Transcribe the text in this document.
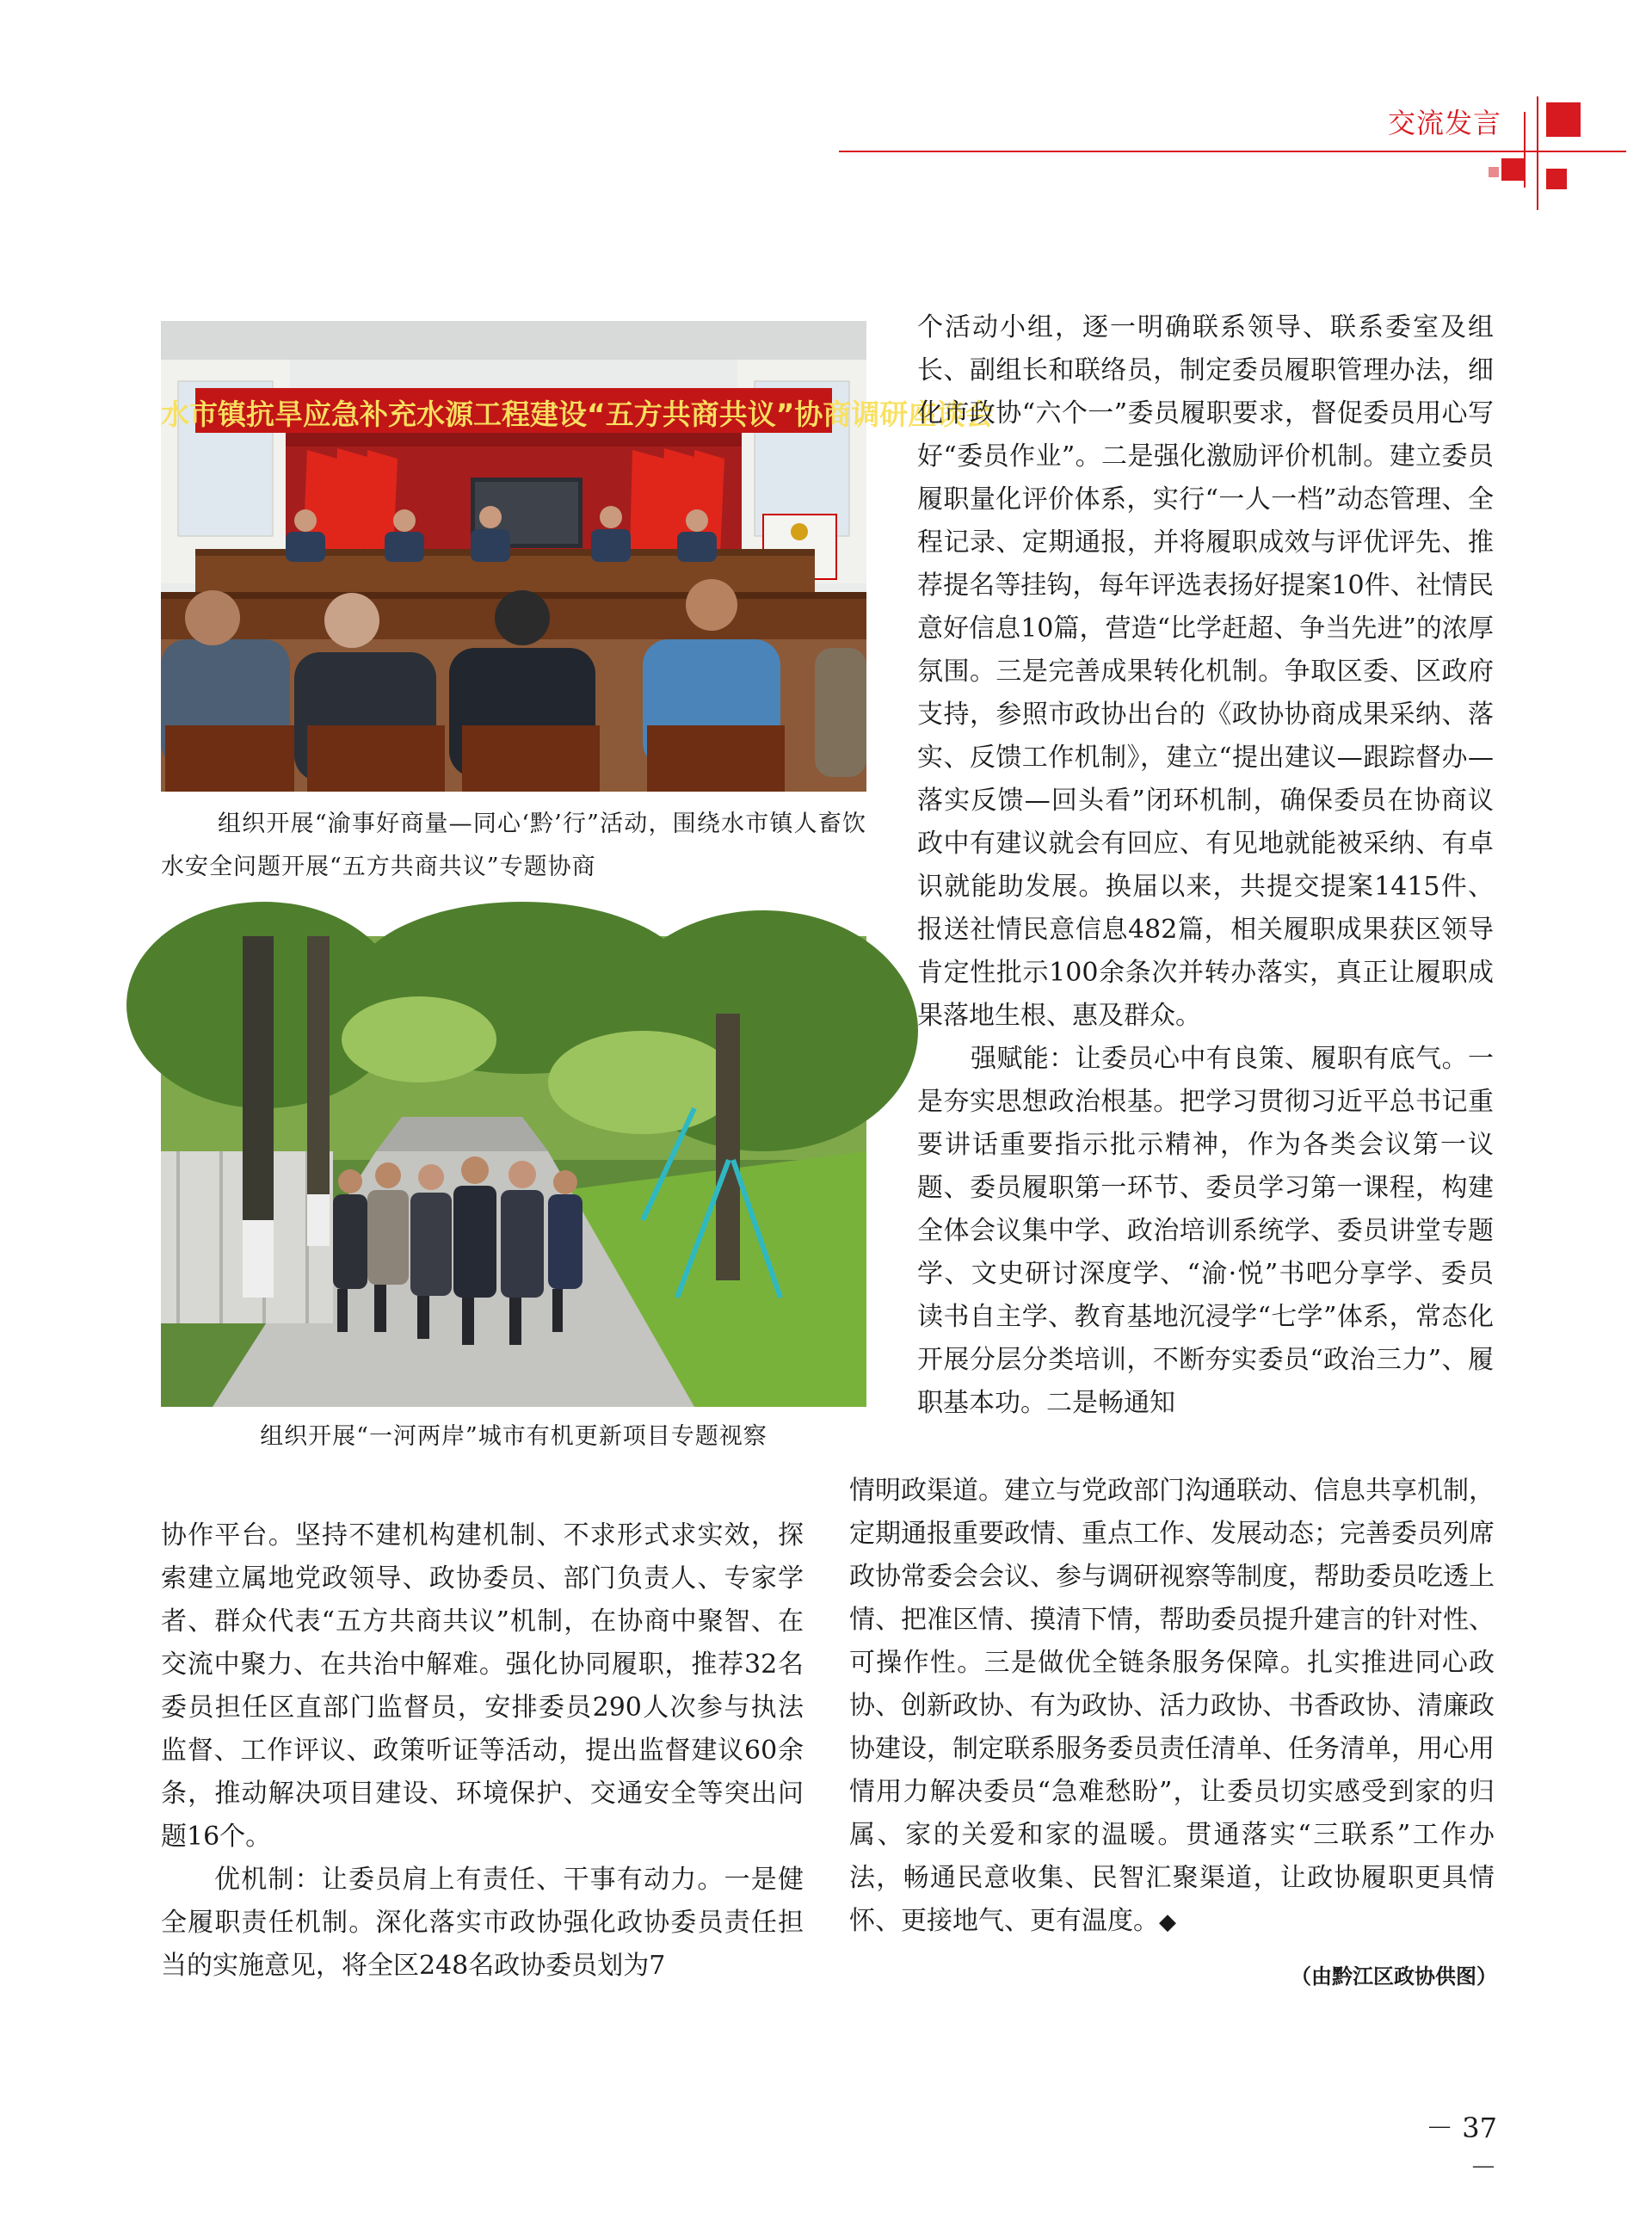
交流发言
水市镇抗旱应急补充水源工程建设“五方共商共议”协商调研座谈会
组织开展“渝事好商量—同心‘黔’行”活动，围绕水市镇人畜饮水安全问题开展“五方共商共议”专题协商
组织开展“一河两岸”城市有机更新项目专题视察

协作平台。坚持不建机构建机制、不求形式求实效，探索建立属地党政领导、政协委员、部门负责人、专家学者、群众代表“五方共商共议”机制，在协商中聚智、在交流中聚力、在共治中解难。强化协同履职，推荐32名委员担任区直部门监督员，安排委员290人次参与执法监督、工作评议、政策听证等活动，提出监督建议60余条，推动解决项目建设、环境保护、交通安全等突出问题16个。

优机制：让委员肩上有责任、干事有动力。一是健全履职责任机制。深化落实市政协强化政协委员责任担当的实施意见，将全区248名政协委员划为7

个活动小组，逐一明确联系领导、联系委室及组长、副组长和联络员，制定委员履职管理办法，细化市政协“六个一”委员履职要求，督促委员用心写好“委员作业”。二是强化激励评价机制。建立委员履职量化评价体系，实行“一人一档”动态管理、全程记录、定期通报，并将履职成效与评优评先、推荐提名等挂钩，每年评选表扬好提案10件、社情民意好信息10篇，营造“比学赶超、争当先进”的浓厚氛围。三是完善成果转化机制。争取区委、区政府支持，参照市政协出台的《政协协商成果采纳、落实、反馈工作机制》，建立“提出建议—跟踪督办—落实反馈—回头看”闭环机制，确保委员在协商议政中有建议就会有回应、有见地就能被采纳、有卓识就能助发展。换届以来，共提交提案1415件、报送社情民意信息482篇，相关履职成果获区领导肯定性批示100余条次并转办落实，真正让履职成果落地生根、惠及群众。

强赋能：让委员心中有良策、履职有底气。一是夯实思想政治根基。把学习贯彻习近平总书记重要讲话重要指示批示精神，作为各类会议第一议题、委员履职第一环节、委员学习第一课程，构建全体会议集中学、政治培训系统学、委员讲堂专题学、文史研讨深度学、“渝·悦”书吧分享学、委员读书自主学、教育基地沉浸学“七学”体系，常态化开展分层分类培训，不断夯实委员“政治三力”、履职基本功。二是畅通知

情明政渠道。建立与党政部门沟通联动、信息共享机制，定期通报重要政情、重点工作、发展动态；完善委员列席政协常委会会议、参与调研视察等制度，帮助委员吃透上情、把准区情、摸清下情，帮助委员提升建言的针对性、可操作性。三是做优全链条服务保障。扎实推进同心政协、创新政协、有为政协、活力政协、书香政协、清廉政协建设，制定联系服务委员责任清单、任务清单，用心用情用力解决委员“急难愁盼”，让委员切实感受到家的归属、家的关爱和家的温暖。贯通落实“三联系”工作办法，畅通民意收集、民智汇聚渠道，让政协履职更具情怀、更接地气、更有温度。◆

（由黔江区政协供图）
－ 37 －
